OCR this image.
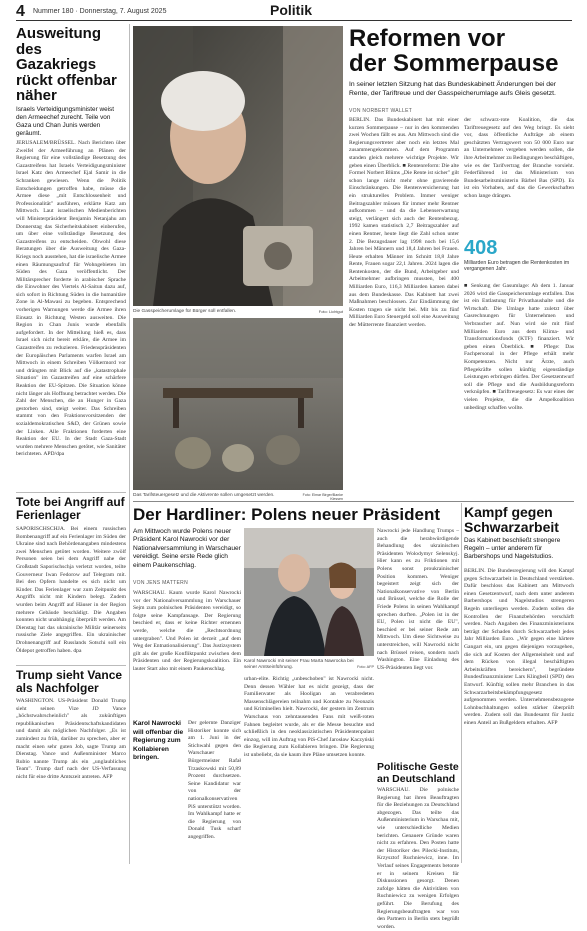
4 Nummer 180 · Donnerstag, 7. August 2025	Politik
Ausweitung des Gazakriegs rückt offenbar näher
Israels Verteidigungsminister weist den Armeechef zurecht. Teile von Gaza und Chan Junis werden geräumt.
JERUSALEM/BRÜSSEL. Nach Berichten über Zweifel der Armeeführung an Plänen der Regierung für eine vollständige Besetzung des Gazastreifens hat Israels Verteidigungsminister Israel Katz den Armeechef Ejal Samir in die Schranken gewiesen. Wenn die Politik Entscheidungen getroffen habe, müsse die Armee diese „mit Entschlossenheit und Professionalität" ausführen, erklärte Katz am Mittwoch. Laut israelischen Medienberichten will Ministerpräsident Benjamin Netanjahu am Donnerstag das Sicherheitskabinett einberufen, um über eine vollständige Besetzung des Gazastreifens zu entscheiden. Obwohl diese Beratungen über die Ausweitung des Gaza-Kriegs noch ausstehen, hat die israelische Armee einen Räumungsaufruf für Wohngebieten im Süden des Gaza veröffentlicht. Der Militärsprecher forderte in arabischer Sprache die Einwohner des Viertels Al-Saitun dazu auf, sich sofort in Richtung Süden in die humanitäre Zone in Al-Mawasi zu begeben. Entsprechend vorherigen Warnungen werde die Armee ihren Einsatz in Richtung Westen ausweiten. Die Region in Chan Junis wurde ebenfalls aufgefordert. In der Mitteilung hieß es, dass Israel sich nicht bereit erkläre, die Armee im Gazastreifen zu reduzieren. Friedenspräsidenten der Europäischen Parlaments warfen Israel am Mittwoch in einem Schreiben Völkermord vor und drängten mit Blick auf die „katastrophale Situation" im Gazastreifen auf eine schärfere Reaktion der EU-Spitzen. Die Situation könne nicht länger als Hoffnung betrachtet werden. Die Zahl der Menschen, die an Hunger in Gaza gestorben sind, steigt weiter. Das Schreiben stammt von den Fraktionsvorsitzenden der sozialdemokratischen S&D, der Grünen sowie der Linken. Alle Fraktionen forderten eine Reaktion der EU. In der Stadt Gaza-Stadt wurden mehrere Menschen getötet, wie Sanitäter berichteten. APD/dpa
Die Gasspeicherumlage für Bürger soll entfallen.	Foto: Lichtgut
Das Tarifsteuergesetz und die Aktivrente sollen umgesetzt werden.	Foto: Elmar Birger/Banke Klessen
Reformen vor
der Sommerpause
In seiner letzten Sitzung hat das Bundeskabinett Änderungen bei der Rente, der Tariftreue und der Gasspeicherumlage aufs Gleis gesetzt.
VON NORBERT WALLET
BERLIN. Das Bundeskabinett hat mit einer kurzen Sommerpause – nur in den kommenden zwei Wochen fällt es aus. Am Mittwoch sind die Regierungsvertreter aber noch ein letztes Mal zusammengekommen. Auf dem Programm standen gleich mehrere wichtige Projekte. Wir geben einen Überblick. ■ Rentenreform: Die alte Formel Norbert Blüms „Die Rente ist sicher" gilt schon lange nicht mehr ohne gravierende Einschränkungen. Die Rentenversicherung hat ein strukturelles Problem. Immer weniger Beitragszahler müssen für immer mehr Rentner aufkommen – und da die Lebenserwartung steigt, verlängert sich auch der Rentenbezug. 1992 kamen statistisch 2,7 Beitragszahler auf einen Rentner, heute liegt die Zahl schon unter 2. Die Bezugsdauer lag 1998 noch bei 15,6 Jahren bei Männern und 18,4 Jahren bei Frauen. Heute erhalten Männer im Schnitt 18,8 Jahre Rente, Frauen sogar 22,1 Jahren. 2024 lagen die Rentenkosten, der die Bund, Arbeitgeber und Arbeitnehmer aufbringen mussten, bei 400 Milliarden Euro, 116,3 Milliarden kamen dabei aus dem Bundeskasse. Das Kabinett hat zwei Maßnahmen beschlossen. Zur Eindämmung der Kosten tragen sie nicht bei. Mit bis zu fünf Milliarden Euro Steuergeld soll eine Ausweitung der Mütterrente finanziert werden.
der schwarz-rote Koalition, die das Tariftreuegesetz auf den Weg bringt. Es sieht vor, dass öffentliche Aufträge ab einem geschätzten Vertragswert von 50 000 Euro nur an Unternehmen vergeben werden sollen, die ihre Arbeitnehmer zu Bedingungen beschäftigen, wie es der Tarifvertrag der Branche vorsieht. Federführend ist das Ministerium von Bundesarbeitsministerin Bärbel Bas (SPD). Es ist ein Vorhaben, auf das die Gewerkschaften schon lange drängen.
408
Milliarden Euro betragen die Rentenkosten im vergangenen Jahr.
■ Senkung der Gasumlage: Ab dem 1. Januar 2026 wird die Gasspeicherumlage entfallen. Das ist ein Entlastung für Privathaushalte und die Wirtschaft. Die Umlage hatte zuletzt über Gasrechnungen für Unternehmen und Verbraucher auf. Nun wird sie mit fünf Milliarden Euro aus dem Klima- und Transformationsfonds (KTF) finanziert. Wir geben einen Überblick. ■ Pflege: Das Fachpersonal in der Pflege erhält mehr Kompetenzen. Nicht nur Ärzte, auch Pflegekräfte sollen künftig eigenständige Leistungen erbringen dürfen. Der Gesetzentwurf soll die Pflege und die Ausbildungsreform verknüpfen. ■ Tariftreuegesetz: Es war eines der vielen Projekte, die die Ampelkoalition unbedingt schaffen wollte.
Tote bei Angriff auf Ferienlager
SAPORISCHSCHJA. Bei einem russischen Bombenangriff auf ein Ferienlager im Süden der Ukraine sind nach Behördenangaben mindestens zwei Menschen getötet worden. Weitere zwölf Personen seien bei dem Angriff nahe der Großstadt Saporischschja verletzt worden, teilte Gouverneur Iwan Fedorow auf Telegram mit. Bei den Opfern handelte es sich nicht um Kinder. Das Ferienlager war zum Zeitpunkt des Angriffs nicht mit Kindern belegt. Zudem wurden beim Angriff auf Häuser in der Region mehrere Gebäude beschädigt. Die Angaben konnten nicht unabhängig überprüft werden. Am Dienstag hat das ukrainische Militär seinerseits russische Ziele angegriffen. Ein ukrainischer Drohnenangriff auf Russlands Sotschi soll ein Öldepot getroffen haben. dpa
Trump sieht Vance als Nachfolger
WASHINGTON. US-Präsident Donald Trump sieht seinen Vize JD Vance „höchstwahrscheinlich" als zukünftigen republikanischen Präsidentschaftskandidaten und damit als möglichen Nachfolger. „Es ist zumindest zu früh, darüber zu sprechen, aber er macht einen sehr guten Job, sagte Trump am Dienstag. Vance und Außenminister Marco Rubio nannte Trump als ein „unglaubliches Team". Trump darf nach der US-Verfassung nicht für eine dritte Amtszeit antreten. AFP
Der Hardliner: Polens neuer Präsident
Am Mittwoch wurde Polens neuer Präsident Karol Nawrocki vor der Nationalversammlung in Warschauer vereidigt. Seine erste Rede glich einem Paukenschlag.
VON JENS MATTERN
Karol Nawrocki mit seiner Frau Marta Nawrocka bei seiner Amtseinführung.	Foto: AFP
WARSCHAU. Kaum wurde Karol Nawrocki vor der Nationalversammlung im Warschauer Sejm zum polnischen Präsidenten vereidigt, so folgte seine Kampfansage. Der Regierung beschied er, dass er keine Richter ernennen werde, welche die „Rechtsordnung untergraben". Und Polen ist derzeit „auf dem Weg der Entnationalisierung". Das Justizsystem gilt als der große Konfliktpunkt zwischen dem Präsidenten und der Regierungskoalition. Ein lauter Start also mit einem Paukenschlag.
Karol Nawrocki will offenbar die Regierung zum Kollabieren bringen.
Der gelernte Danziger Historiker konnte sich am 1. Juni in der Stichwahl gegen den Warschauer Bürgermeister Rafał Trzaskowski mit 50,89 Prozent durchsetzen. Seine Kandidatur war von der nationalkonservativen PiS unterstützt worden. Im Wahlkampf hatte er die Regierung von Donald Tusk scharf angegriffen.
urban-elite. Richtig „unbeschoben" ist Nawrocki nicht. Denn dessen Wähler hat es nicht gezeigt, dass der Familienvater als Hooligan an verabredeten Massenschlägereien teilnahm und Kontakte zu Neonazis und Kriminellen hielt. Nawrocki, der gestern im Zentrum Warschaus von zehntausenden Fans mit weiß-roten Fahnen begleitet wurde, als er die Messe besuchte und schließlich in den neoklassizistischen Präsidentenpalast einzog, will im Auftrag von PiS-Chef Jarosław Kaczyński die Regierung zum Kollabieren bringen. Die Regierung ist unbeliebt, da sie kaum ihre Pläne umsetzen konnte.
Nawrocki jede Handlung Trumps – auch die herabwürdigende Behandlung des ukrainischen Präsidenten Wolodymyr Selenskyj. Hier kann es zu Friktionen mit Polens sonst proukrainischer Position kommen. Weniger begeistert zeigt sich der Nationalkonservative von Berlin und Brüssel, welche die Rolle der Friede Polens in seinen Wahlkampf sprechen durften. „Polen ist in der EU, Polen ist nicht die EU", beschied er bei seiner Rede am Mittwoch. Um diese Sichtweise zu unterstreichen, will Nawrocki nicht nach Brüssel reisen, sondern nach Washington. Eine Einladung des US-Präsidenten liegt vor.
Politische Geste an Deutschland
WARSCHAU. Die polnische Regierung hat ihren Beauftragten für die Beziehungen zu Deutschland abgezogen. Das teilte das Außenministerium in Warschau mit, wie unterschiedliche Medien berichten. Genauere Gründe waren nicht zu erfahren. Den Posten hatte der Historiker des Pilecki-Instituts, Krzysztof Ruchniewicz, inne. Im Verlauf seines Engagements betonte er in seinem Kreisen für Diskussionen gesorgt. Denen zufolge hätten die Aktivitäten von Ruchniewicz zu wenigen Erfolgen geführt. Die Berufung des Regierungsbeauftragten war von den Partnern in Berlin stets begrüßt worden.
Kampf gegen Schwarzarbeit
Das Kabinett beschließt strengere Regeln – unter anderem für Barbershops und Nagelstudios.
BERLIN. Die Bundesregierung will den Kampf gegen Schwarzarbeit in Deutschland verstärken. Dafür beschloss das Kabinett am Mittwoch einen Gesetzentwurf, nach dem unter anderem Barbershops und Nagelstudios strengeren Regeln unterliegen werden. Zudem sollen die Kontrollen der Finanzbehörden verschärft werden. Nach Angaben des Finanzministeriums beträgt der Schaden durch Schwarzarbeit jedes Jahr Milliarden Euro. „Wir gegen eine härtere Gangart ein, um gegen diejenigen vorzugehen, die sich auf Kosten der Allgemeinheit und auf dem Rücken von illegal beschäftigten Arbeitskräften bereichern", begründete Bundesfinanzminister Lars Klingbeil (SPD) den Entwurf. Künftig sollen mehr Branchen in das Schwarzarbeitsbekämpfungsgesetz aufgenommen werden. Unternehmensbezogene Lohnbuchhaltungen sollen stärker überprüft werden. Zudem soll das Bundesamt für Justiz einen Anteil an Bußgeldern erhalten. AFP
